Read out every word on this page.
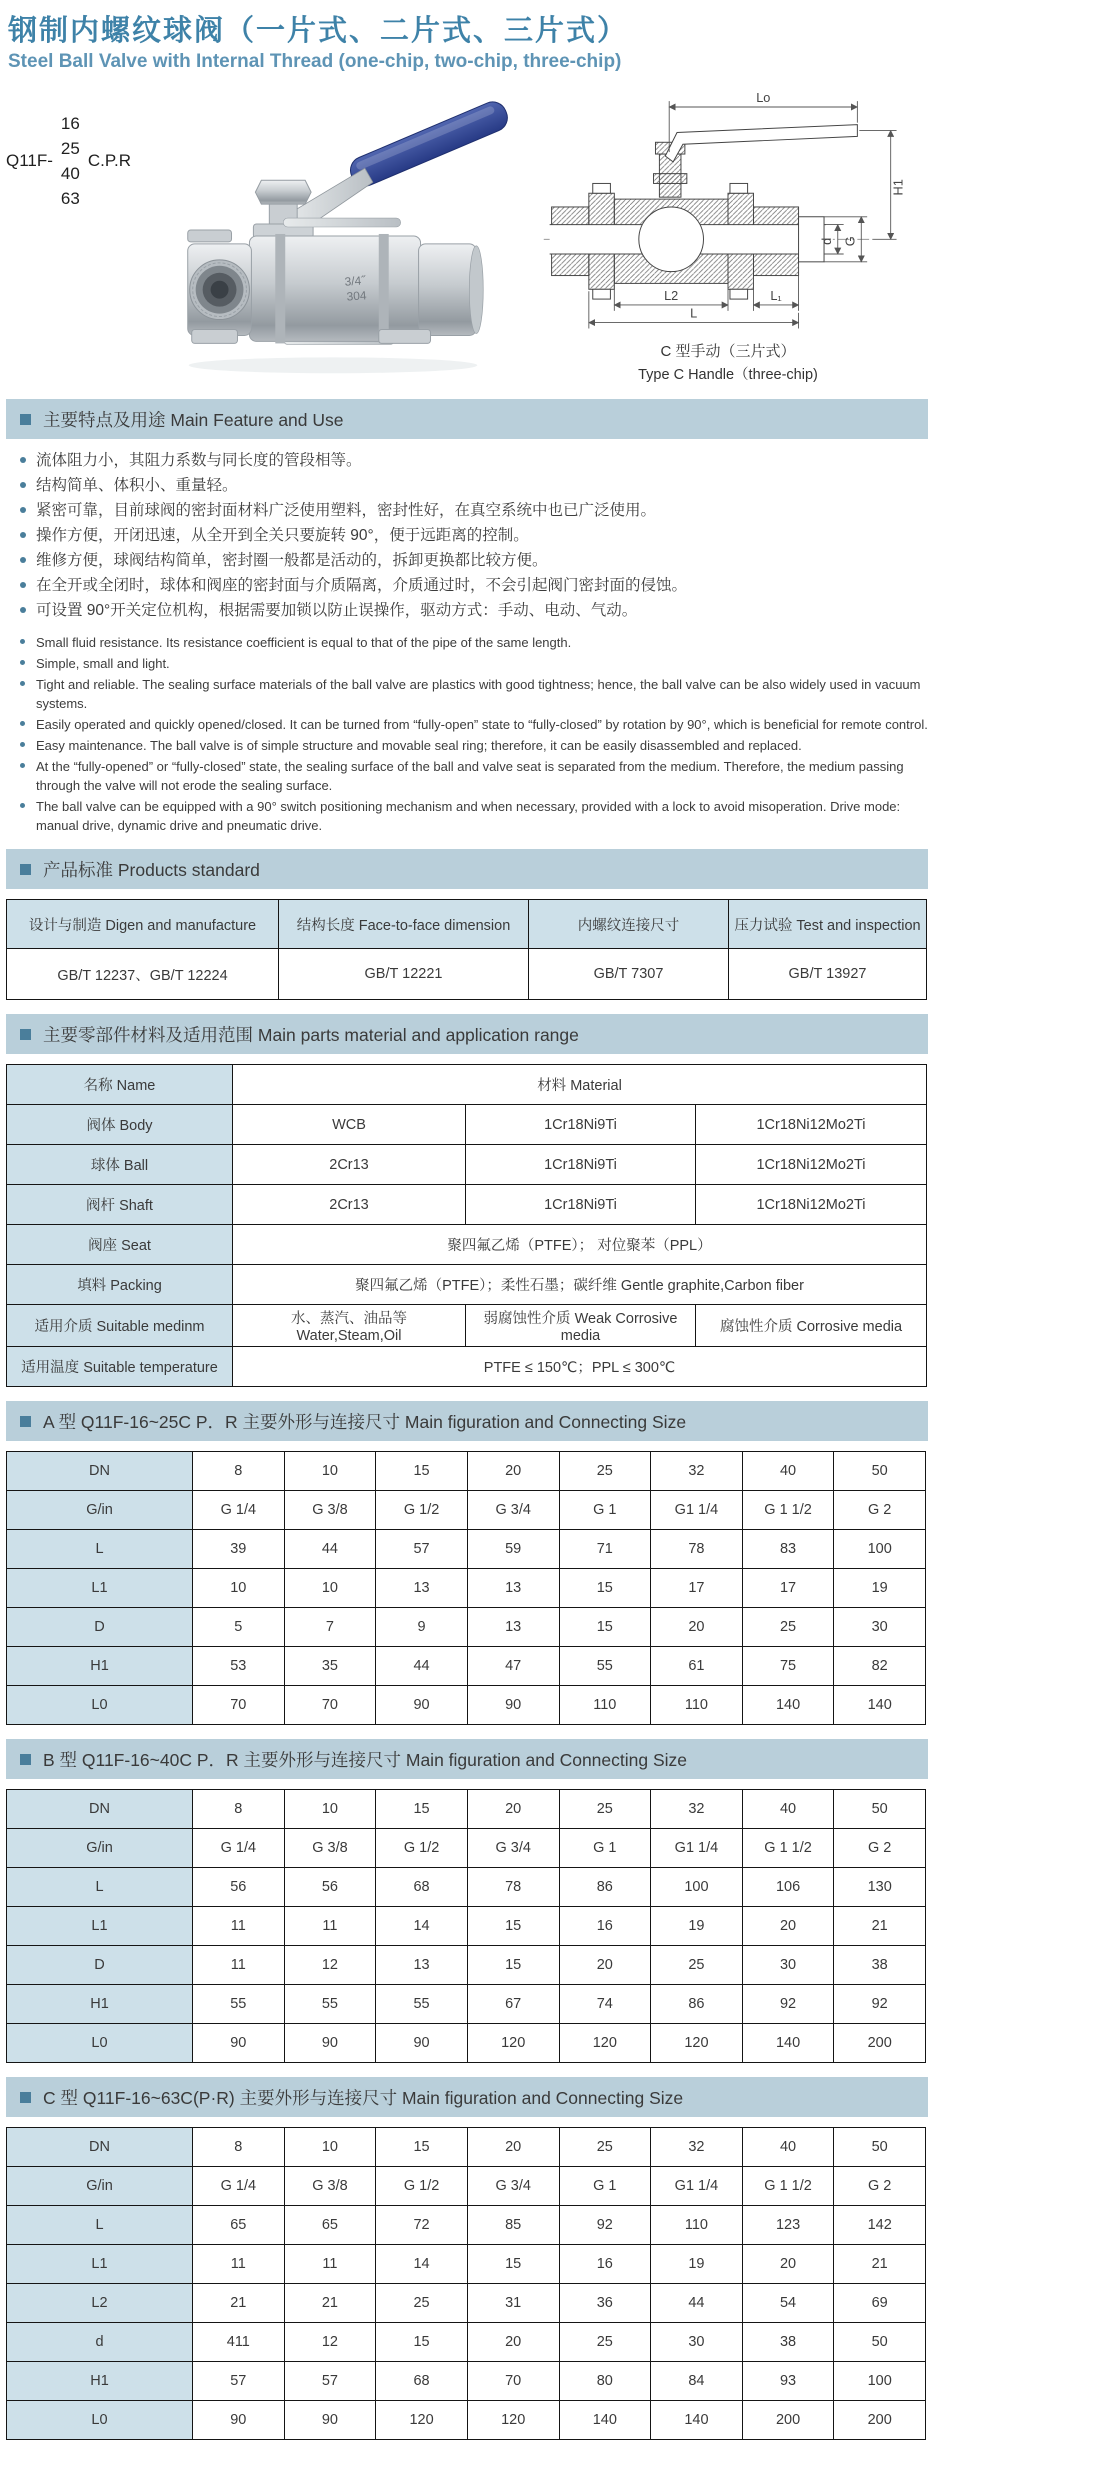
钢制内螺纹球阀（一片式、二片式、三片式）
Steel Ball Valve with Internal Thread (one-chip, two-chip, three-chip)
Q11F-
16
25
40
63
C.P.R
3/4˝
304
Lo
H1
d G
L2	L₁
L
C 型手动（三片式）
Type C Handle（three-chip)
主要特点及用途 Main Feature and Use
流体阻力小，其阻力系数与同长度的管段相等。
结构简单、体积小、重量轻。
紧密可靠，目前球阀的密封面材料广泛使用塑料，密封性好，在真空系统中也已广泛使用。
操作方便，开闭迅速，从全开到全关只要旋转 90°，便于远距离的控制。
维修方便，球阀结构简单，密封圈一般都是活动的，拆卸更换都比较方便。
在全开或全闭时，球体和阀座的密封面与介质隔离，介质通过时，不会引起阀门密封面的侵蚀。
可设置 90°开关定位机构，根据需要加锁以防止误操作，驱动方式：手动、电动、气动。
Small fluid resistance. Its resistance coefficient is equal to that of the pipe of the same length.
Simple, small and light.
Tight and reliable. The sealing surface materials of the ball valve are plastics with good tightness; hence, the ball valve can be also widely used in vacuum systems.
Easily operated and quickly opened/closed. It can be turned from “fully-open” state to “fully-closed” by rotation by 90°, which is beneficial for remote control.
Easy maintenance. The ball valve is of simple structure and movable seal ring; therefore, it can be easily disassembled and replaced.
At the “fully-opened” or “fully-closed” state, the sealing surface of the ball and valve seat is separated from the medium. Therefore, the medium passing through the valve will not erode the sealing surface.
The ball valve can be equipped with a 90° switch positioning mechanism and when necessary, provided with a lock to avoid misoperation. Drive mode: manual drive, dynamic drive and pneumatic drive.
产品标准 Products standard
设计与制造 Digen and manufacture	结构长度 Face-to-face dimension	内螺纹连接尺寸	压力试验 Test and inspection
GB/T 12237、GB/T 12224	GB/T 12221	GB/T 7307	GB/T 13927
主要零部件材料及适用范围 Main parts material and application range
名称 Name	材料 Material		
阀体 Body	WCB	1Cr18Ni9Ti	1Cr18Ni12Mo2Ti
球体 Ball	2Cr13	1Cr18Ni9Ti	1Cr18Ni12Mo2Ti
阀杆 Shaft	2Cr13	1Cr18Ni9Ti	1Cr18Ni12Mo2Ti
阀座 Seat	聚四氟乙烯（PTFE）； 对位聚苯（PPL）		
填料 Packing	聚四氟乙烯（PTFE）；柔性石墨；碳纤维 Gentle graphite,Carbon fiber		
适用介质 Suitable medinm	水、蒸汽、油品等 Water,Steam,Oil	弱腐蚀性介质 Weak Corrosive media	腐蚀性介质 Corrosive media
适用温度 Suitable temperature	PTFE ≤ 150℃；PPL ≤ 300℃		
A 型 Q11F-16~25C P．R 主要外形与连接尺寸 Main figuration and Connecting Size
DN	8	10	15	20	25	32	40	50
G/in	G 1/4	G 3/8	G 1/2	G 3/4	G 1	G1 1/4	G 1 1/2	G 2
L	39	44	57	59	71	78	83	100
L1	10	10	13	13	15	17	17	19
D	5	7	9	13	15	20	25	30
H1	53	35	44	47	55	61	75	82
L0	70	70	90	90	110	110	140	140
B 型 Q11F-16~40C P．R 主要外形与连接尺寸 Main figuration and Connecting Size
DN	8	10	15	20	25	32	40	50
G/in	G 1/4	G 3/8	G 1/2	G 3/4	G 1	G1 1/4	G 1 1/2	G 2
L	56	56	68	78	86	100	106	130
L1	11	11	14	15	16	19	20	21
D	11	12	13	15	20	25	30	38
H1	55	55	55	67	74	86	92	92
L0	90	90	90	120	120	120	140	200
C 型 Q11F-16~63C(P·R) 主要外形与连接尺寸 Main figuration and Connecting Size
DN	8	10	15	20	25	32	40	50
G/in	G 1/4	G 3/8	G 1/2	G 3/4	G 1	G1 1/4	G 1 1/2	G 2
L	65	65	72	85	92	110	123	142
L1	11	11	14	15	16	19	20	21
L2	21	21	25	31	36	44	54	69
d	411	12	15	20	25	30	38	50
H1	57	57	68	70	80	84	93	100
L0	90	90	120	120	140	140	200	200
